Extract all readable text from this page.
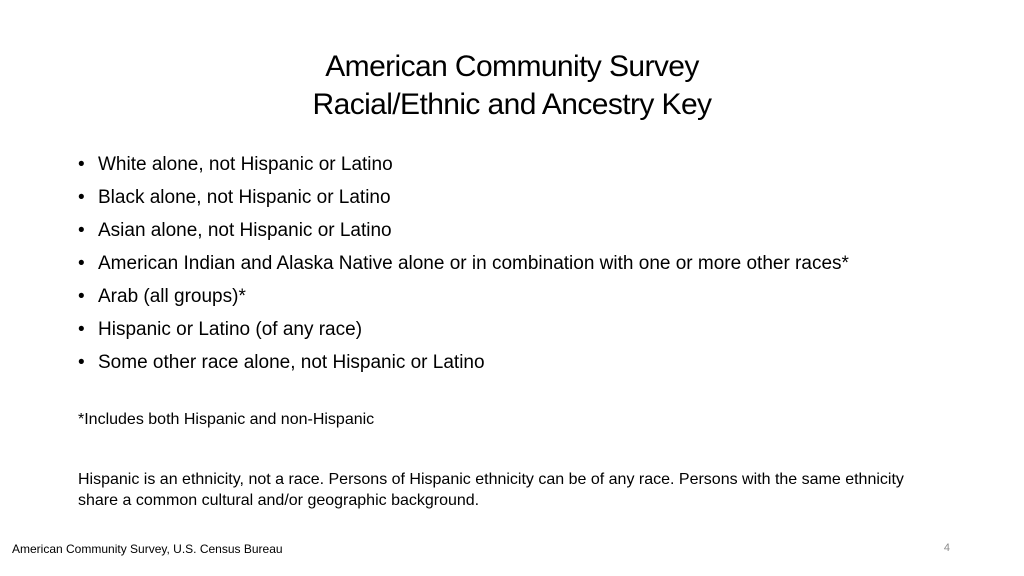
American Community Survey
Racial/Ethnic and Ancestry Key
• White alone, not Hispanic or Latino
• Black alone, not Hispanic or Latino
• Asian alone, not Hispanic or Latino
• American Indian and Alaska Native alone or in combination with one or more other races*
• Arab (all groups)*
• Hispanic or Latino (of any race)
• Some other race alone, not Hispanic or Latino
*Includes both Hispanic and non-Hispanic
Hispanic is an ethnicity, not a race. Persons of Hispanic ethnicity can be of any race. Persons with the same ethnicity share a common cultural and/or geographic background.
American Community Survey, U.S. Census Bureau	4
